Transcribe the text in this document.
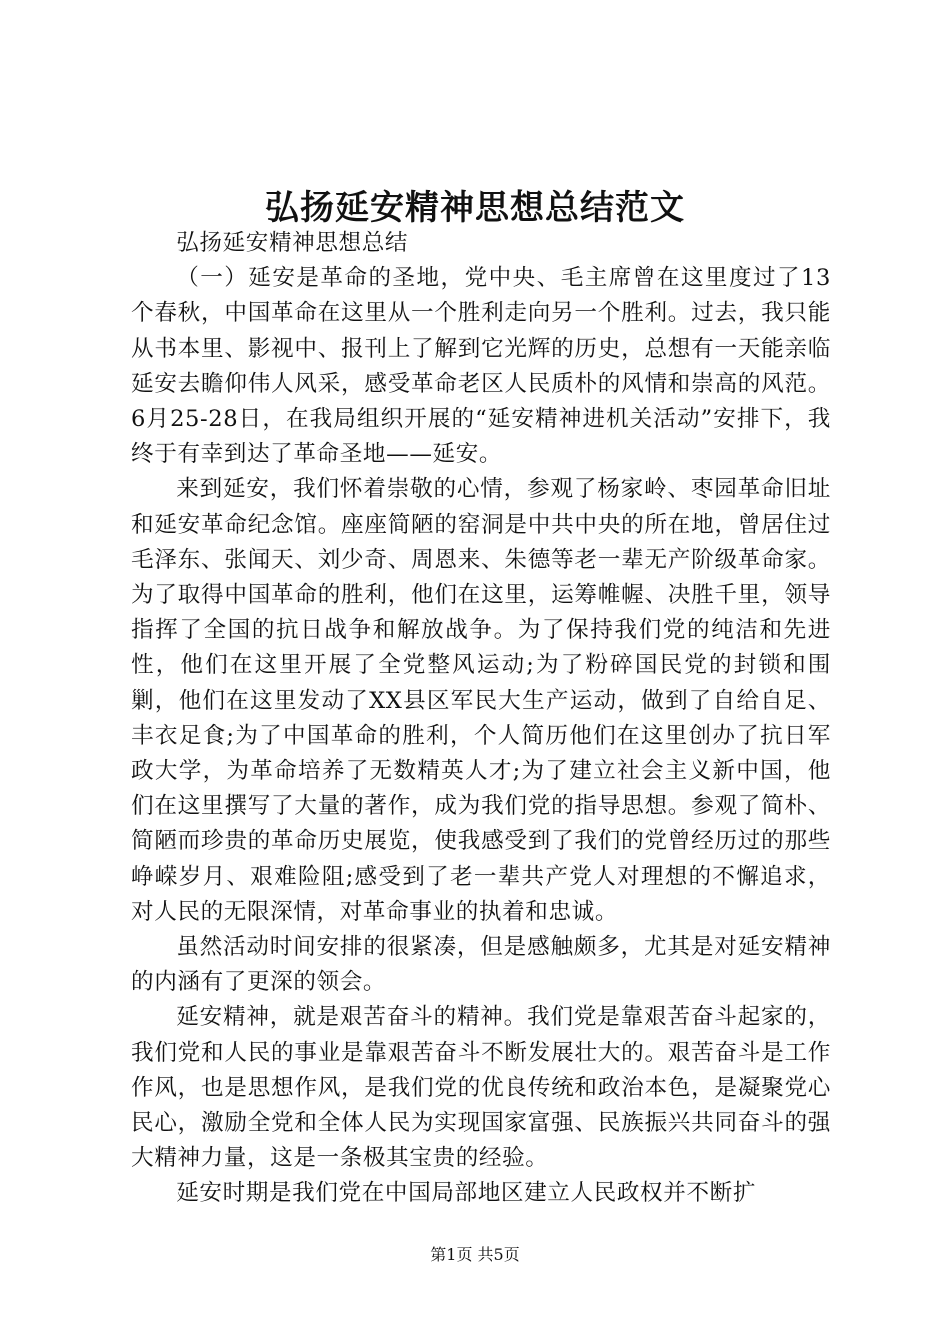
弘扬延安精神思想总结范文

弘扬延安精神思想总结

（一）延安是革命的圣地，党中央、毛主席曾在这里度过了13个春秋，中国革命在这里从一个胜利走向另一个胜利。过去，我只能从书本里、影视中、报刊上了解到它光辉的历史，总想有一天能亲临延安去瞻仰伟人风采，感受革命老区人民质朴的风情和崇高的风范。6月25-28日，在我局组织开展的“延安精神进机关活动”安排下，我终于有幸到达了革命圣地——延安。

来到延安，我们怀着崇敬的心情，参观了杨家岭、枣园革命旧址和延安革命纪念馆。座座简陋的窑洞是中共中央的所在地，曾居住过毛泽东、张闻天、刘少奇、周恩来、朱德等老一辈无产阶级革命家。为了取得中国革命的胜利，他们在这里，运筹帷幄、决胜千里，领导指挥了全国的抗日战争和解放战争。为了保持我们党的纯洁和先进性，他们在这里开展了全党整风运动;为了粉碎国民党的封锁和围剿，他们在这里发动了XX县区军民大生产运动，做到了自给自足、丰衣足食;为了中国革命的胜利，个人简历他们在这里创办了抗日军政大学，为革命培养了无数精英人才;为了建立社会主义新中国，他们在这里撰写了大量的著作，成为我们党的指导思想。参观了简朴、简陋而珍贵的革命历史展览，使我感受到了我们的党曾经历过的那些峥嵘岁月、艰难险阻;感受到了老一辈共产党人对理想的不懈追求，对人民的无限深情，对革命事业的执着和忠诚。

虽然活动时间安排的很紧凑，但是感触颇多，尤其是对延安精神的内涵有了更深的领会。

延安精神，就是艰苦奋斗的精神。我们党是靠艰苦奋斗起家的，我们党和人民的事业是靠艰苦奋斗不断发展壮大的。艰苦奋斗是工作作风，也是思想作风，是我们党的优良传统和政治本色，是凝聚党心民心，激励全党和全体人民为实现国家富强、民族振兴共同奋斗的强大精神力量，这是一条极其宝贵的经验。

延安时期是我们党在中国局部地区建立人民政权并不断扩

第1页 共5页
